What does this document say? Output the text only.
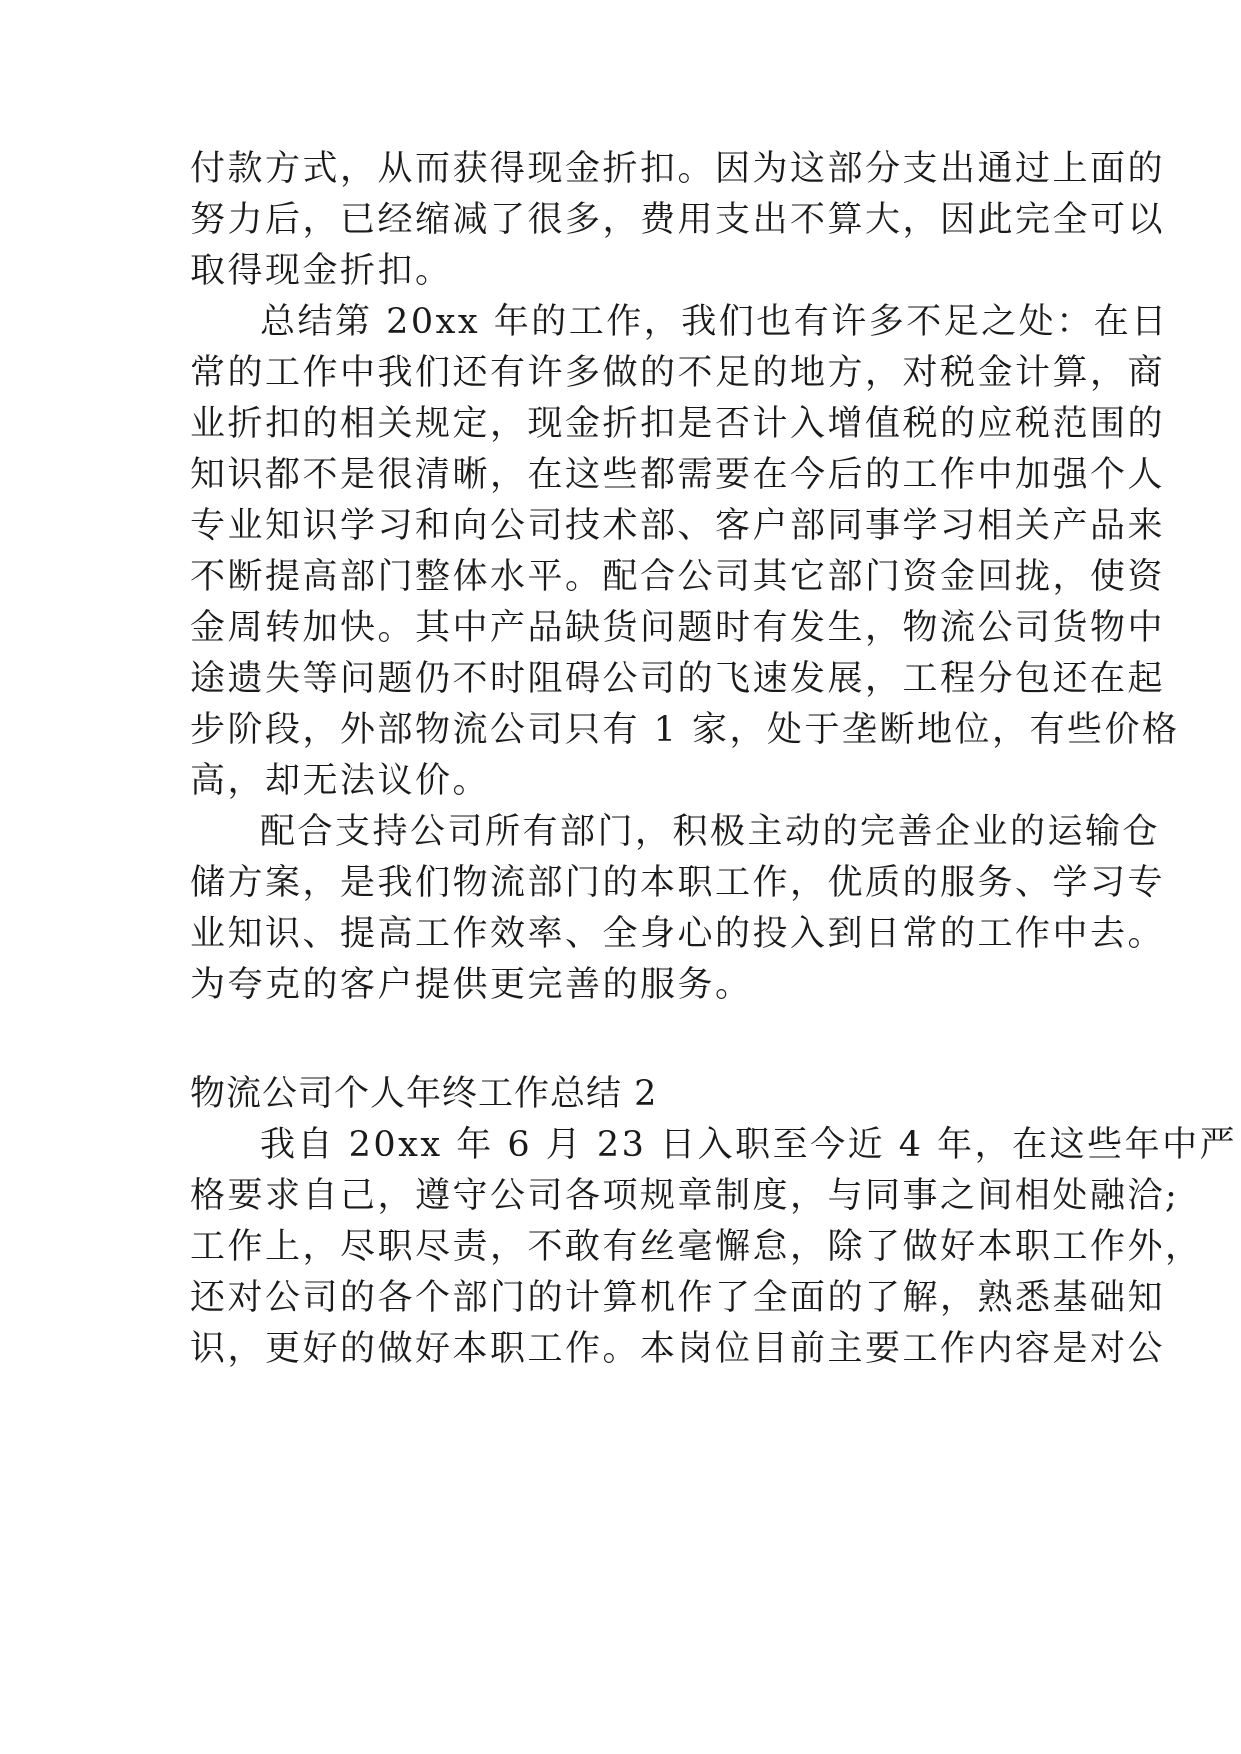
付款方式，从而获得现金折扣。因为这部分支出通过上面的
努力后，已经缩减了很多，费用支出不算大，因此完全可以
取得现金折扣。
总结第 20xx 年的工作，我们也有许多不足之处：在日
常的工作中我们还有许多做的不足的地方，对税金计算，商
业折扣的相关规定，现金折扣是否计入增值税的应税范围的
知识都不是很清晰，在这些都需要在今后的工作中加强个人
专业知识学习和向公司技术部、客户部同事学习相关产品来
不断提高部门整体水平。配合公司其它部门资金回拢，使资
金周转加快。其中产品缺货问题时有发生，物流公司货物中
途遗失等问题仍不时阻碍公司的飞速发展，工程分包还在起
步阶段，外部物流公司只有 1 家，处于垄断地位，有些价格
高，却无法议价。
配合支持公司所有部门，积极主动的完善企业的运输仓
储方案，是我们物流部门的本职工作，优质的服务、学习专
业知识、提高工作效率、全身心的投入到日常的工作中去。
为夸克的客户提供更完善的服务。
物流公司个人年终工作总结 2
我自 20xx 年 6 月 23 日入职至今近 4 年，在这些年中严
格要求自己，遵守公司各项规章制度，与同事之间相处融洽;
工作上，尽职尽责，不敢有丝毫懈怠，除了做好本职工作外，
还对公司的各个部门的计算机作了全面的了解，熟悉基础知
识，更好的做好本职工作。本岗位目前主要工作内容是对公
